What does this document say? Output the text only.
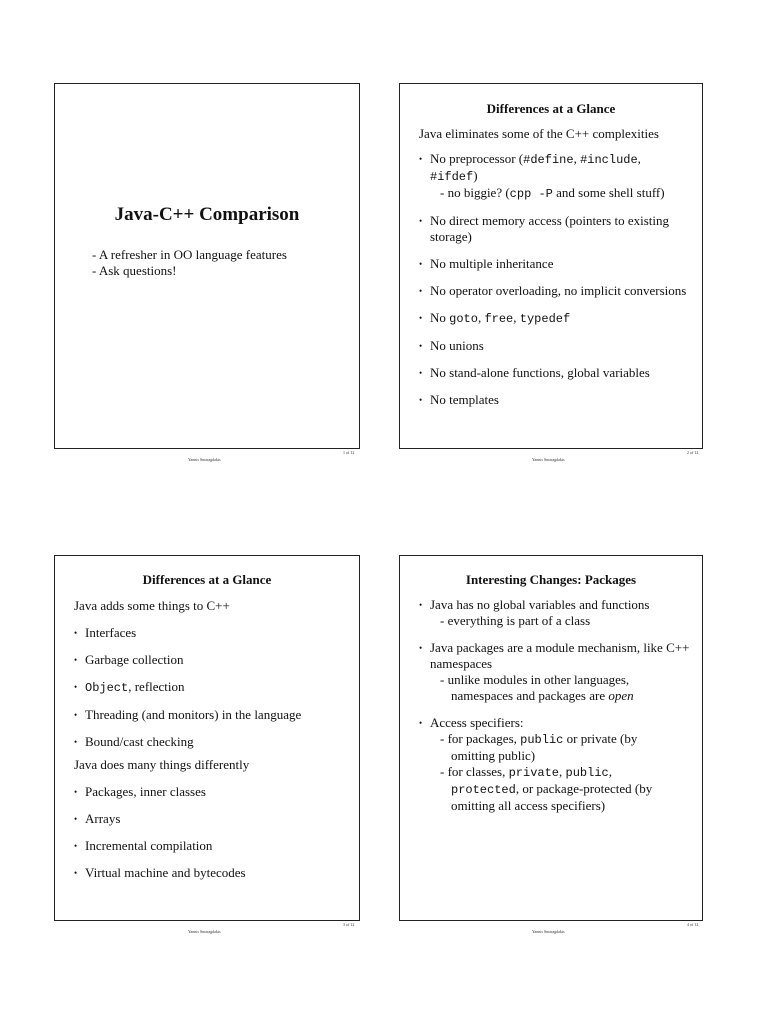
Java-C++ Comparison
- A refresher in OO language features
- Ask questions!
Yannis Smaragdakis
1 of 12
Differences at a Glance
Java eliminates some of the C++ complexities
• No preprocessor (#define, #include,
#ifdef)
- no biggie? (cpp -P and some shell stuff)
• No direct memory access (pointers to existing storage)
• No multiple inheritance
• No operator overloading, no implicit conversions
• No goto, free, typedef
• No unions
• No stand-alone functions, global variables
• No templates
Yannis Smaragdakis
2 of 12
Differences at a Glance
Java adds some things to C++
• Interfaces
• Garbage collection
• Object, reflection
• Threading (and monitors) in the language
• Bound/cast checking
Java does many things differently
• Packages, inner classes
• Arrays
• Incremental compilation
• Virtual machine and bytecodes
Yannis Smaragdakis
3 of 12
Interesting Changes: Packages
• Java has no global variables and functions
- everything is part of a class
• Java packages are a module mechanism, like C++ namespaces
- unlike modules in other languages,
namespaces and packages are open
• Access specifiers:
- for packages, public or private (by
omitting public)
- for classes, private, public,
protected, or package-protected (by
omitting all access specifiers)
Yannis Smaragdakis
4 of 12
